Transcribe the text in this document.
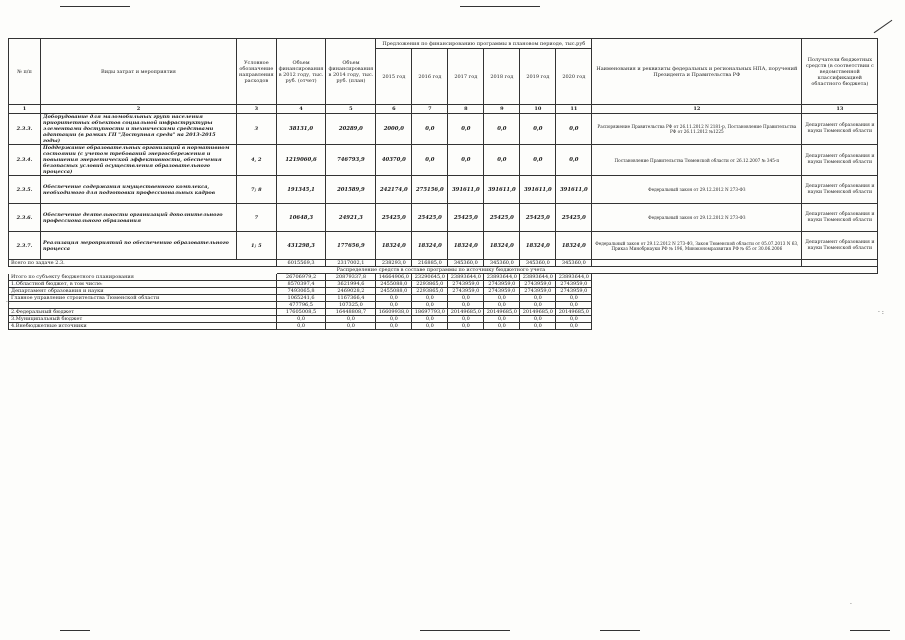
№ п/п	Виды затрат и мероприятия	Условное обозначение направления расходов	Объем финансирования в 2012 году, тыс. руб. (отчет)	Объем финансирования в 2014 году, тыс. руб. (план)	Предложения по финансированию программы в плановом периоде, тыс.руб						Наименования и реквизиты федеральных и региональных НПА, поручений Президента и Правительства РФ	Получатели бюджетных средств (в соответствии с ведомственной классификацией областного бюджета)
					2015 год	2016 год	2017 год	2018 год	2019 год	2020 год		
1	2	3	4	5	6	7	8	9	10	11	12	13
2.3.3.	Доборудование для маломобильных групп населения приоритетных объектов социальной инфраструктуры элементами доступности и техническими средствами адаптации (в рамках ГП "Доступная среда" на 2013-2015 годы)	3	38131,0	20289,0	2000,0	0,0	0,0	0,0	0,0	0,0	Распоряжение Правительства РФ от 26.11.2012 N 2181-р, Постановление Правительства РФ от 26.11.2012 №1225	Департамент образования и науки Тюменской области
2.3.4.	Поддержание образовательных организаций в нормативном состоянии (с учетом требований энергосбережения и повышения энергетической эффективности, обеспечения безопасных условий осуществления образовательного процесса)	4, 2	1219060,6	746793,9	40370,0	0,0	0,0	0,0	0,0	0,0	Постановление Правительства Тюменской области от 26.12.2007 № 345-п	Департамент образования и науки Тюменской области
2.3.5.	Обеспечение содержания имущественного комплекса, необходимого для подготовки профессиональных кадров	7; 8	191345,1	201589,9	242174,0	275156,0	391611,0	391611,0	391611,0	391611,0	Федеральный закон от 29.12.2012 N 273-ФЗ	Департамент образования и науки Тюменской области
2.3.6.	Обеспечение деятельности организаций дополнительного профессионального образования	7	10648,3	24921,3	25425,0	25425,0	25425,0	25425,0	25425,0	25425,0	Федеральный закон от 29.12.2012 N 273-ФЗ	Департамент образования и науки Тюменской области
2.3.7.	Реализация мероприятий по обеспечению образовательного процесса	1; 5	431298,3	177656,9	18324,0	18324,0	18324,0	18324,0	18324,0	18324,0	Федеральный закон от 29.12.2012 N 273-ФЗ, Закон Тюменской области от 05.07.2013 N 63, Приказ Минобрнауки РФ № 196, Минэкономразвития РФ № 65 от 30.06.2006	Департамент образования и науки Тюменской области
Всего по задаче 2.3.			6015569,3	2317002,1	238293,0	216885,0	345360,0	345360,0	345360,0	345360,0		
			Распределение средств в составе программы по источнику бюджетного учета									
Итого по субъекту бюджетного планирования			26706979,2	20879337,8	14664906,0	23290645,0	23893644,0	23893644,0	23893644,0	23893644,0		
1.Областной бюджет, в том числе:			8570397,4	3621994,6	2455088,0	2293865,0	2743959,0	2743959,0	2743959,0	2743959,0		
Департамент образования и науки			7493065,8	2469028,2	2455088,0	2293865,0	2743959,0	2743959,0	2743959,0	2743959,0		
Главное управление строительства Тюменской области			1065241,6	1167366,4	0,0	0,0	0,0	0,0	0,0	0,0		
			477796,5	107325,0	0,0	0,0	0,0	0,0	0,0	0,0		
2.Федеральный бюджет			17605008,5	16448808,7	16609938,0	18697793,0	20149685,0	20149685,0	20149685,0	20149685,0		
3.Муниципальный бюджет			0,0	0,0	0,0	0,0	0,0	0,0	0,0	0,0		
4.Внебюджетные источники			0,0	0,0	0,0	0,0	0,0	0,0	0,0	0,0		
·:
· :
·
